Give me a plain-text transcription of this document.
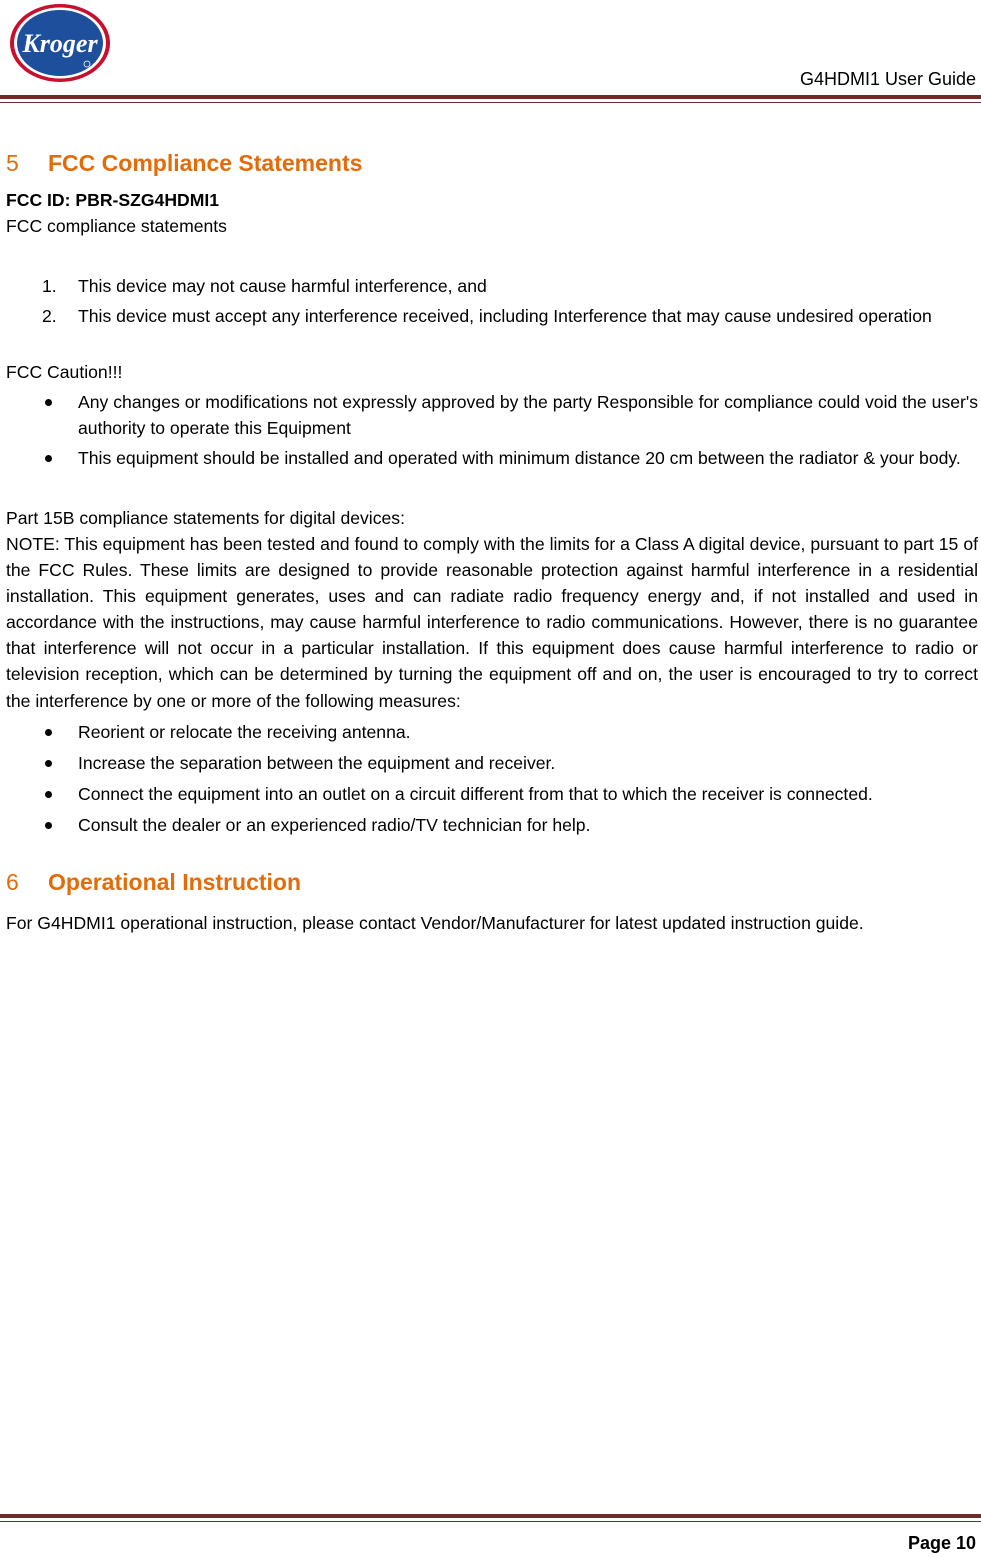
Kroger
G4HDMI1 User Guide
5	FCC Compliance Statements

FCC ID: PBR-SZG4HDMI1

FCC compliance statements

1. This device may not cause harmful interference, and
2. This device must accept any interference received, including Interference that may cause undesired operation

FCC Caution!!!

Any changes or modifications not expressly approved by the party Responsible for compliance could void the user's authority to operate this Equipment
This equipment should be installed and operated with minimum distance 20 cm between the radiator & your body.

Part 15B compliance statements for digital devices:

NOTE: This equipment has been tested and found to comply with the limits for a Class A digital device, pursuant to part 15 of the FCC Rules. These limits are designed to provide reasonable protection against harmful interference in a residential installation. This equipment generates, uses and can radiate radio frequency energy and, if not installed and used in accordance with the instructions, may cause harmful interference to radio communications. However, there is no guarantee that interference will not occur in a particular installation. If this equipment does cause harmful interference to radio or television reception, which can be determined by turning the equipment off and on, the user is encouraged to try to correct the interference by one or more of the following measures:

Reorient or relocate the receiving antenna.
Increase the separation between the equipment and receiver.
Connect the equipment into an outlet on a circuit different from that to which the receiver is connected.
Consult the dealer or an experienced radio/TV technician for help.
6	Operational Instruction

For G4HDMI1 operational instruction, please contact Vendor/Manufacturer for latest updated instruction guide.

Page 10
